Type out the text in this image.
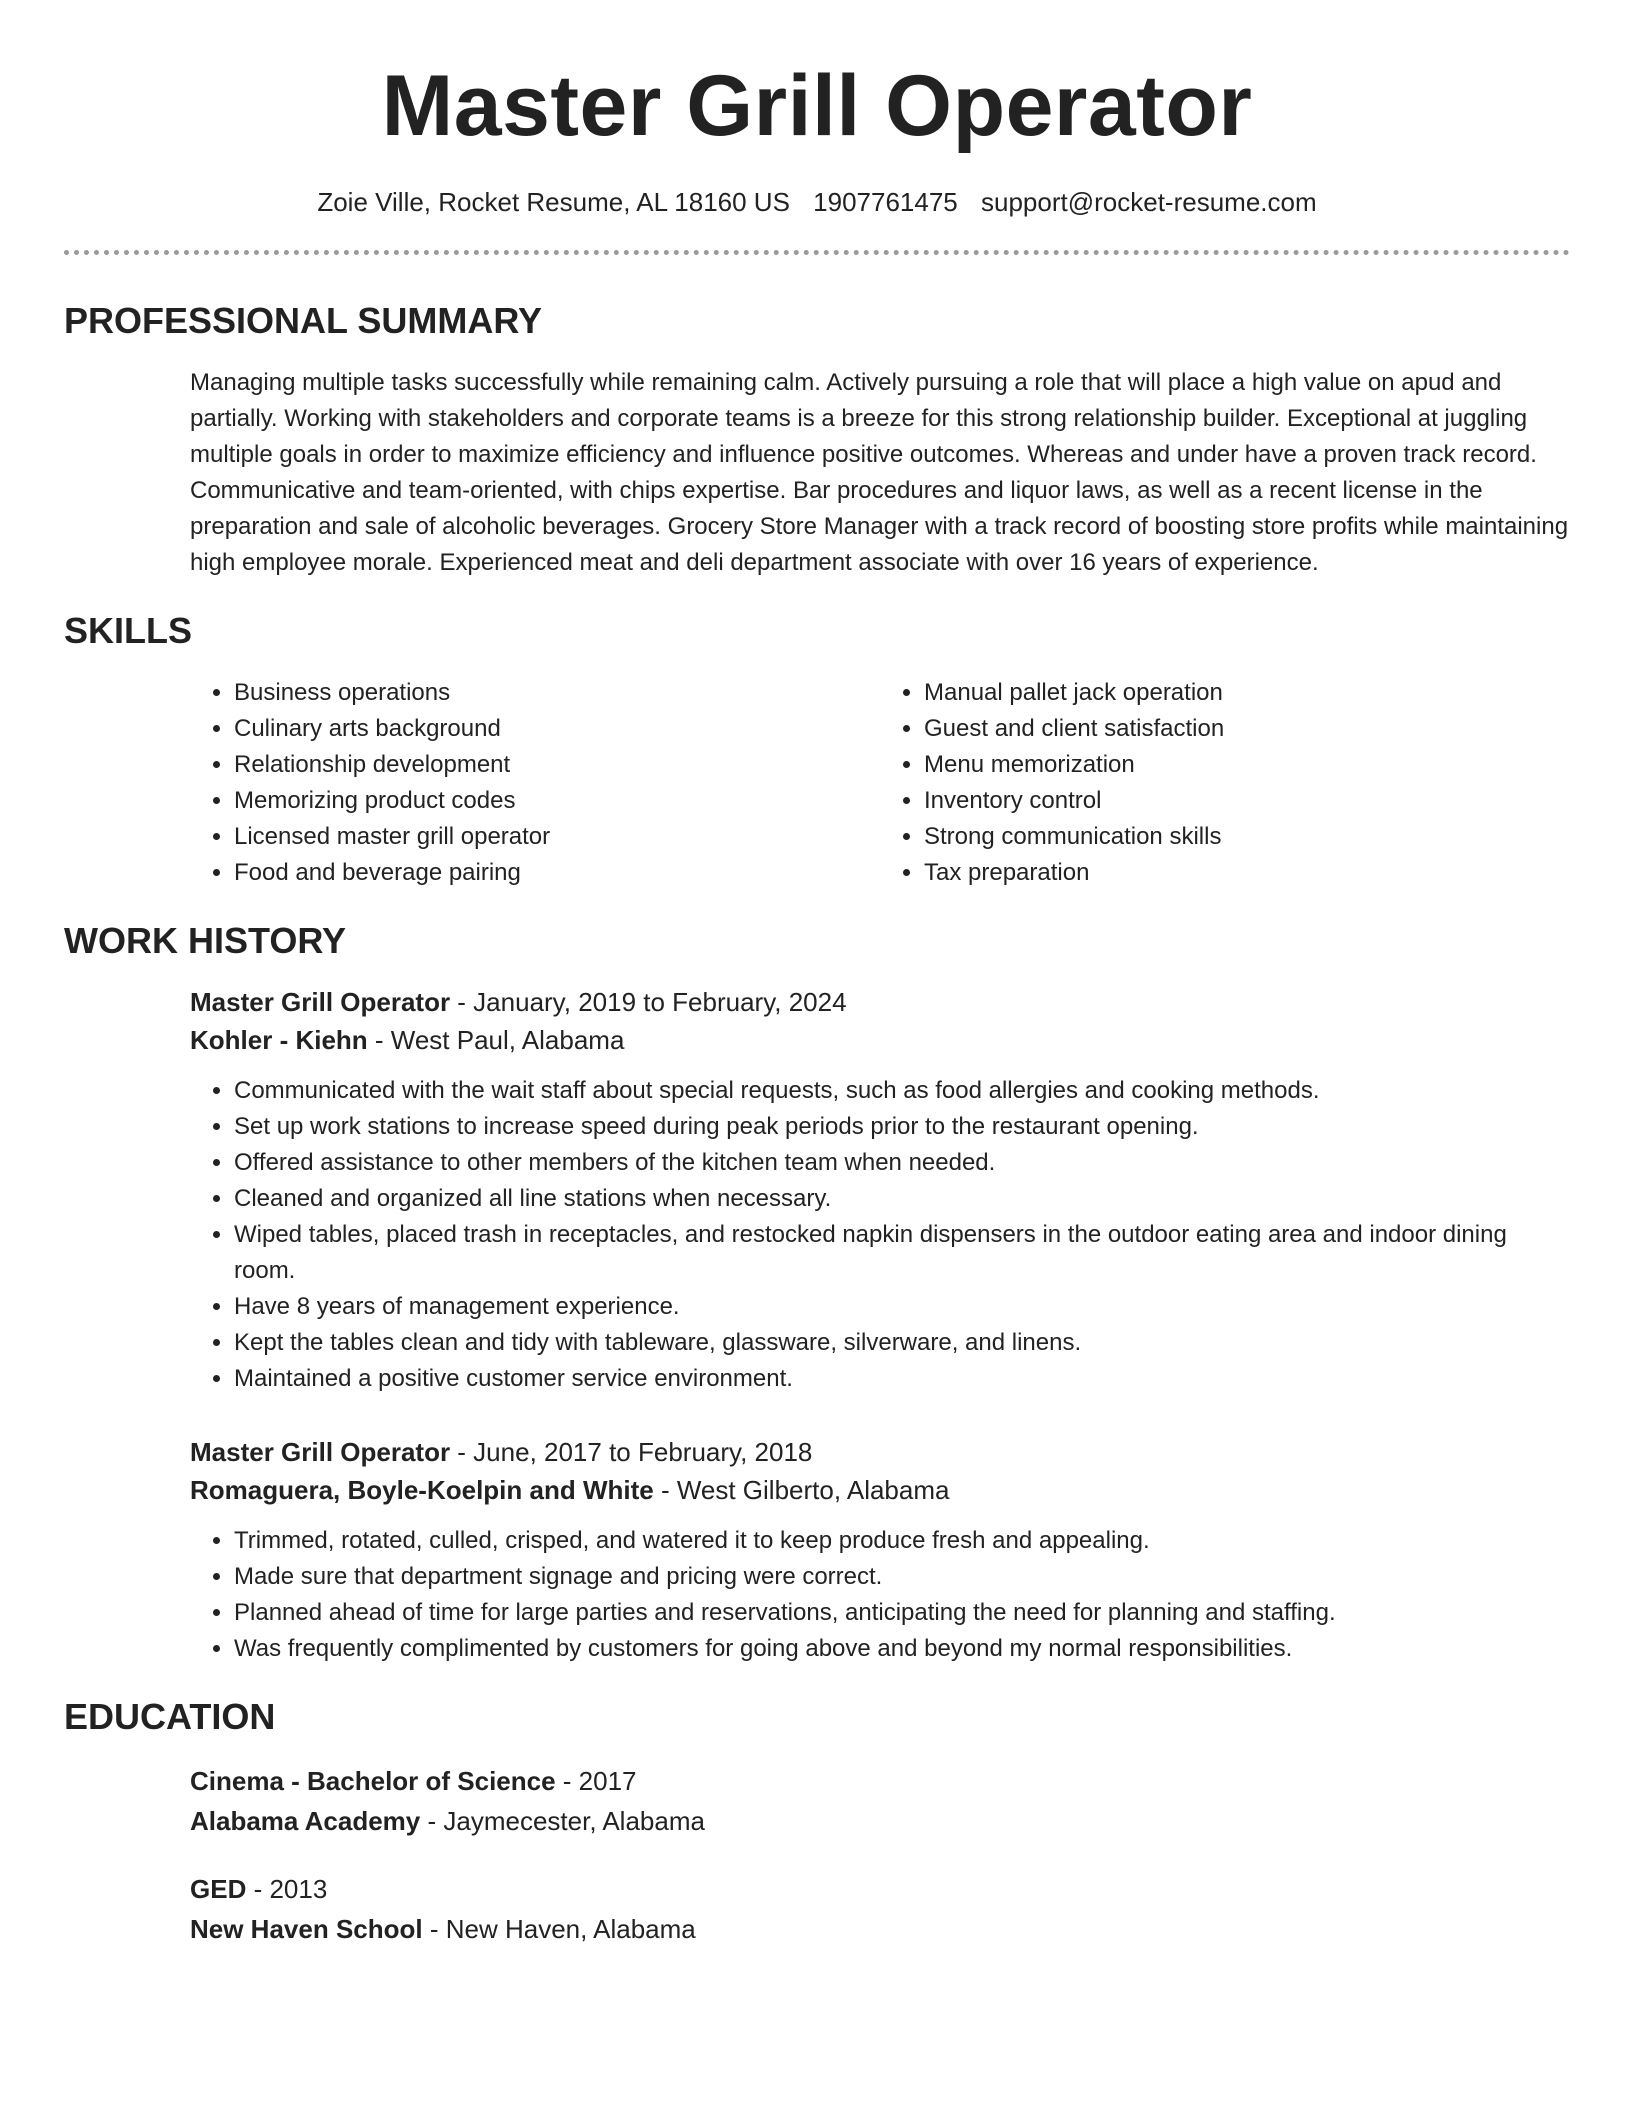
Master Grill Operator
Zoie Ville, Rocket Resume, AL 18160 US 1907761475 support@rocket-resume.com
PROFESSIONAL SUMMARY

Managing multiple tasks successfully while remaining calm. Actively pursuing a role that will place a high value on apud and partially. Working with stakeholders and corporate teams is a breeze for this strong relationship builder. Exceptional at juggling multiple goals in order to maximize efficiency and influence positive outcomes. Whereas and under have a proven track record. Communicative and team-oriented, with chips expertise. Bar procedures and liquor laws, as well as a recent license in the preparation and sale of alcoholic beverages. Grocery Store Manager with a track record of boosting store profits while maintaining high employee morale. Experienced meat and deli department associate with over 16 years of experience.

SKILLS
• Business operations
• Culinary arts background
• Relationship development
• Memorizing product codes
• Licensed master grill operator
• Food and beverage pairing
• Manual pallet jack operation
• Guest and client satisfaction
• Menu memorization
• Inventory control
• Strong communication skills
• Tax preparation
WORK HISTORY
Master Grill Operator - January, 2019 to February, 2024
Kohler - Kiehn - West Paul, Alabama
• Communicated with the wait staff about special requests, such as food allergies and cooking methods.
• Set up work stations to increase speed during peak periods prior to the restaurant opening.
• Offered assistance to other members of the kitchen team when needed.
• Cleaned and organized all line stations when necessary.
• Wiped tables, placed trash in receptacles, and restocked napkin dispensers in the outdoor eating area and indoor dining room.
• Have 8 years of management experience.
• Kept the tables clean and tidy with tableware, glassware, silverware, and linens.
• Maintained a positive customer service environment.
Master Grill Operator - June, 2017 to February, 2018
Romaguera, Boyle-Koelpin and White - West Gilberto, Alabama
• Trimmed, rotated, culled, crisped, and watered it to keep produce fresh and appealing.
• Made sure that department signage and pricing were correct.
• Planned ahead of time for large parties and reservations, anticipating the need for planning and staffing.
• Was frequently complimented by customers for going above and beyond my normal responsibilities.
EDUCATION
Cinema - Bachelor of Science - 2017
Alabama Academy - Jaymecester, Alabama
GED - 2013
New Haven School - New Haven, Alabama
